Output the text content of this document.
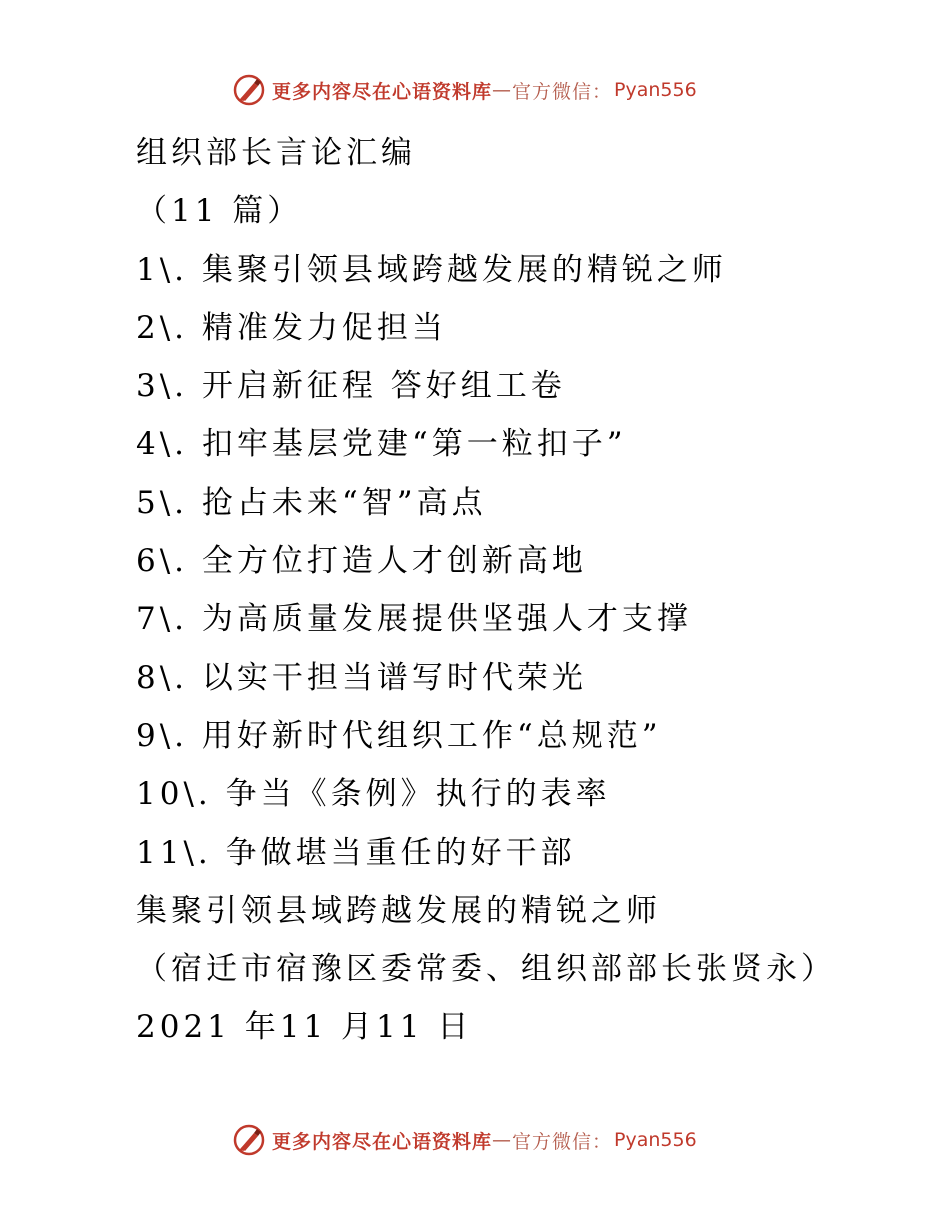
更多内容尽在心语资料库 — 官方微信： Pyan556
组织部长言论汇编
（11 篇）
1\. 集聚引领县域跨越发展的精锐之师
2\. 精准发力促担当
3\. 开启新征程 答好组工卷
4\. 扣牢基层党建“第一粒扣子”
5\. 抢占未来“智”高点
6\. 全方位打造人才创新高地
7\. 为高质量发展提供坚强人才支撑
8\. 以实干担当谱写时代荣光
9\. 用好新时代组织工作“总规范”
10\. 争当《条例》执行的表率
11\. 争做堪当重任的好干部
集聚引领县域跨越发展的精锐之师
（宿迁市宿豫区委常委、组织部部长张贤永）
2021 年11 月11 日
更多内容尽在心语资料库 — 官方微信： Pyan556
